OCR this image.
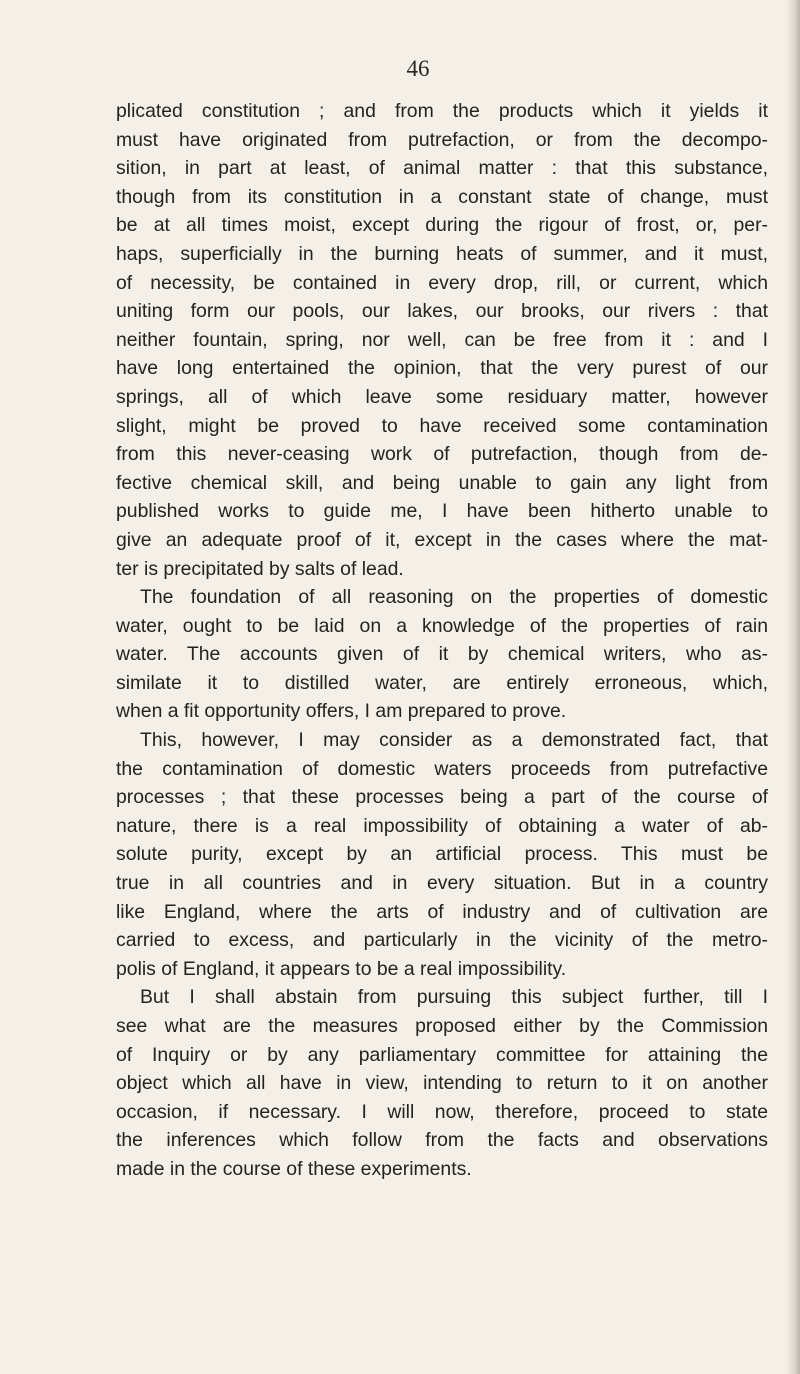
46
plicated constitution ; and from the products which it yields it
must have originated from putrefaction, or from the decompo-
sition, in part at least, of animal matter : that this substance,
though from its constitution in a constant state of change, must
be at all times moist, except during the rigour of frost, or, per-
haps, superficially in the burning heats of summer, and it must,
of necessity, be contained in every drop, rill, or current, which
uniting form our pools, our lakes, our brooks, our rivers : that
neither fountain, spring, nor well, can be free from it : and I
have long entertained the opinion, that the very purest of our
springs, all of which leave some residuary matter, however
slight, might be proved to have received some contamination
from this never-ceasing work of putrefaction, though from de-
fective chemical skill, and being unable to gain any light from
published works to guide me, I have been hitherto unable to
give an adequate proof of it, except in the cases where the mat-
ter is precipitated by salts of lead.
The foundation of all reasoning on the properties of domestic
water, ought to be laid on a knowledge of the properties of rain
water. The accounts given of it by chemical writers, who as-
similate it to distilled water, are entirely erroneous, which,
when a fit opportunity offers, I am prepared to prove.
This, however, I may consider as a demonstrated fact, that
the contamination of domestic waters proceeds from putrefactive
processes ; that these processes being a part of the course of
nature, there is a real impossibility of obtaining a water of ab-
solute purity, except by an artificial process. This must be
true in all countries and in every situation. But in a country
like England, where the arts of industry and of cultivation are
carried to excess, and particularly in the vicinity of the metro-
polis of England, it appears to be a real impossibility.
But I shall abstain from pursuing this subject further, till I
see what are the measures proposed either by the Commission
of Inquiry or by any parliamentary committee for attaining the
object which all have in view, intending to return to it on another
occasion, if necessary. I will now, therefore, proceed to state
the inferences which follow from the facts and observations
made in the course of these experiments.
